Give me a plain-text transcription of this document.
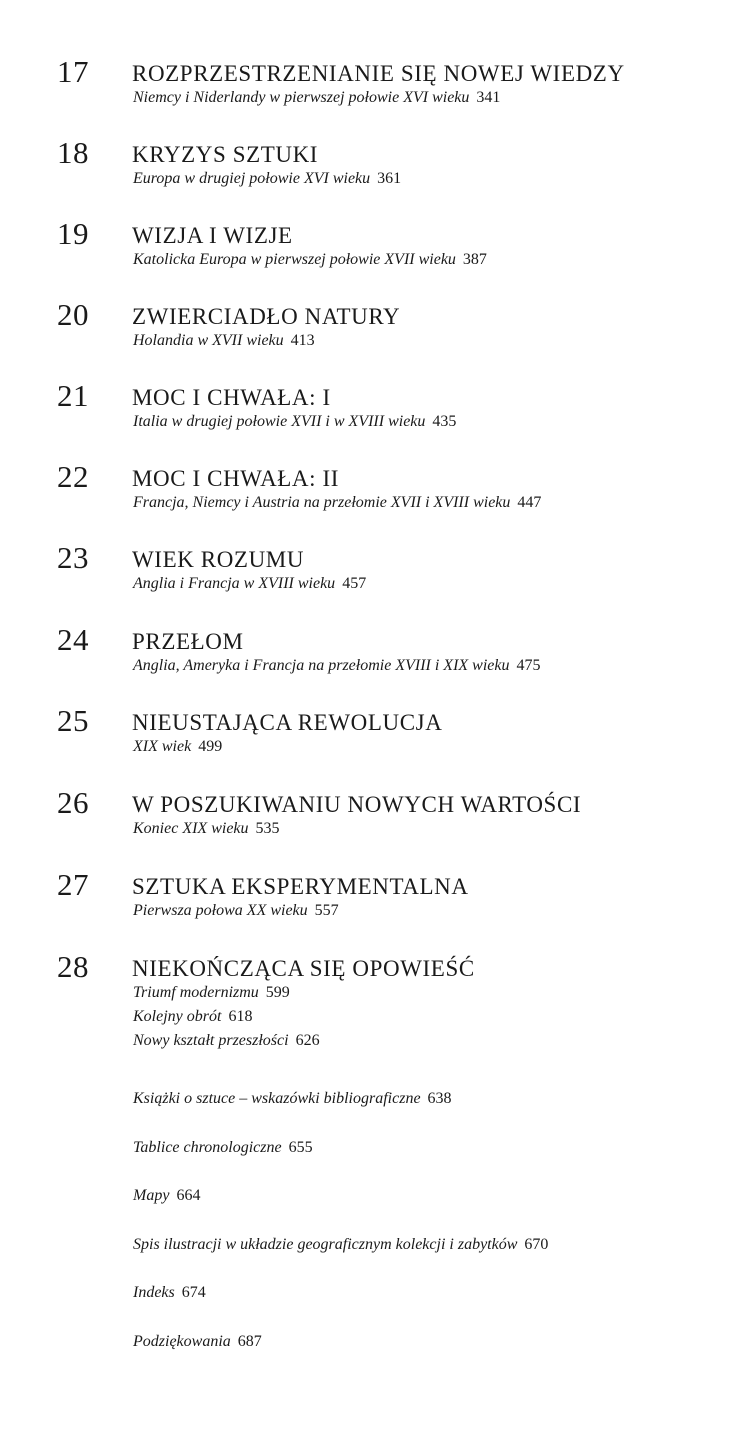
17 ROZPRZESTRZENIANIE SIĘ NOWEJ WIEDZY
Niemcy i Niderlandy w pierwszej połowie XVI wieku 341
18 KRYZYS SZTUKI
Europa w drugiej połowie XVI wieku 361
19 WIZJA I WIZJE
Katolicka Europa w pierwszej połowie XVII wieku 387
20 ZWIERCIADŁO NATURY
Holandia w XVII wieku 413
21 MOC I CHWAŁA: I
Italia w drugiej połowie XVII i w XVIII wieku 435
22 MOC I CHWAŁA: II
Francja, Niemcy i Austria na przełomie XVII i XVIII wieku 447
23 WIEK ROZUMU
Anglia i Francja w XVIII wieku 457
24 PRZEŁOM
Anglia, Ameryka i Francja na przełomie XVIII i XIX wieku 475
25 NIEUSTAJĄCA REWOLUCJA
XIX wiek 499
26 W POSZUKIWANIU NOWYCH WARTOŚCI
Koniec XIX wieku 535
27 SZTUKA EKSPERYMENTALNA
Pierwsza połowa XX wieku 557
28 NIEKOŃCZĄCA SIĘ OPOWIEŚĆ
Triumf modernizmu 599
Kolejny obrót 618
Nowy kształt przeszłości 626
Książki o sztuce – wskazówki bibliograficzne 638
Tablice chronologiczne 655
Mapy 664
Spis ilustracji w układzie geograficznym kolekcji i zabytków 670
Indeks 674
Podziękowania 687
